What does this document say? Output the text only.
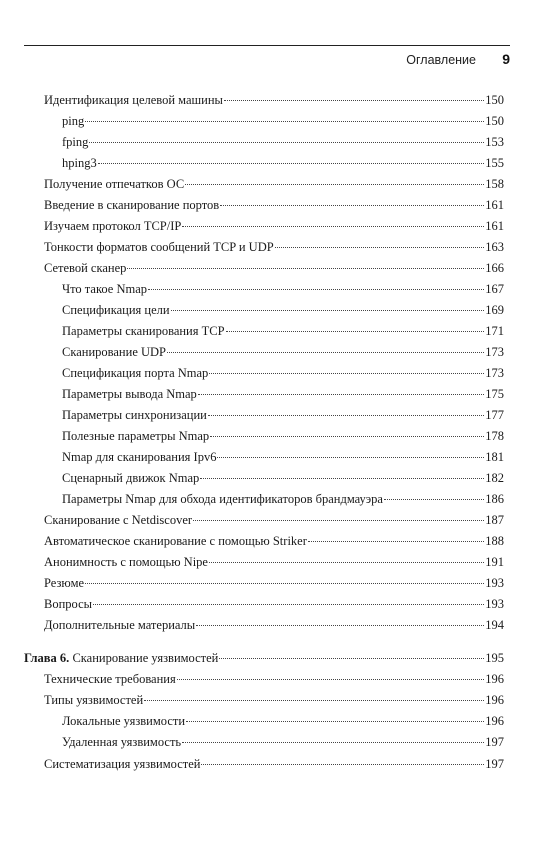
Оглавление 9
Идентификация целевой машины	150
ping	150
fping	153
hping3	155
Получение отпечатков ОС	158
Введение в сканирование портов	161
Изучаем протокол TCP/IP	161
Тонкости форматов сообщений TCP и UDP	163
Сетевой сканер	166
Что такое Nmap	167
Спецификация цели	169
Параметры сканирования TCP	171
Сканирование UDP	173
Спецификация порта Nmap	173
Параметры вывода Nmap	175
Параметры синхронизации	177
Полезные параметры Nmap	178
Nmap для сканирования Ipv6	181
Сценарный движок Nmap	182
Параметры Nmap для обхода идентификаторов брандмауэра	186
Сканирование с Netdiscover	187
Автоматическое сканирование с помощью Striker	188
Анонимность с помощью Nipe	191
Резюме	193
Вопросы	193
Дополнительные материалы	194
Глава 6. Сканирование уязвимостей	195
Технические требования	196
Типы уязвимостей	196
Локальные уязвимости	196
Удаленная уязвимость	197
Систематизация уязвимостей	197
